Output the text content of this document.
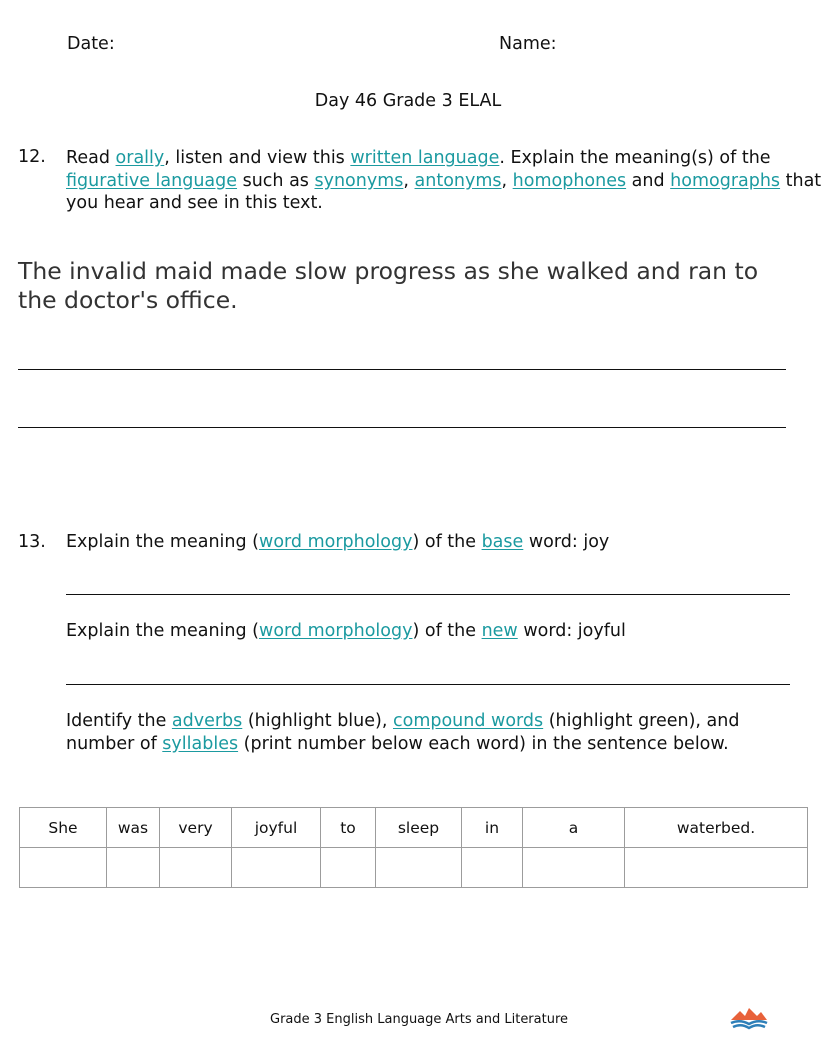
Date:	Name:
Day 46 Grade 3 ELAL
12. Read orally, listen and view this written language. Explain the meaning(s) of the
figurative language such as synonyms, antonyms, homophones and homographs that
you hear and see in this text.
The invalid maid made slow progress as she walked and ran to the doctor's office.
13. Explain the meaning (word morphology) of the base word: joy
Explain the meaning (word morphology) of the new word: joyful
Identify the adverbs (highlight blue), compound words (highlight green), and
number of syllables (print number below each word) in the sentence below.
She	was	very	joyful	to	sleep	in	a	waterbed.

Grade 3 English Language Arts and Literature
